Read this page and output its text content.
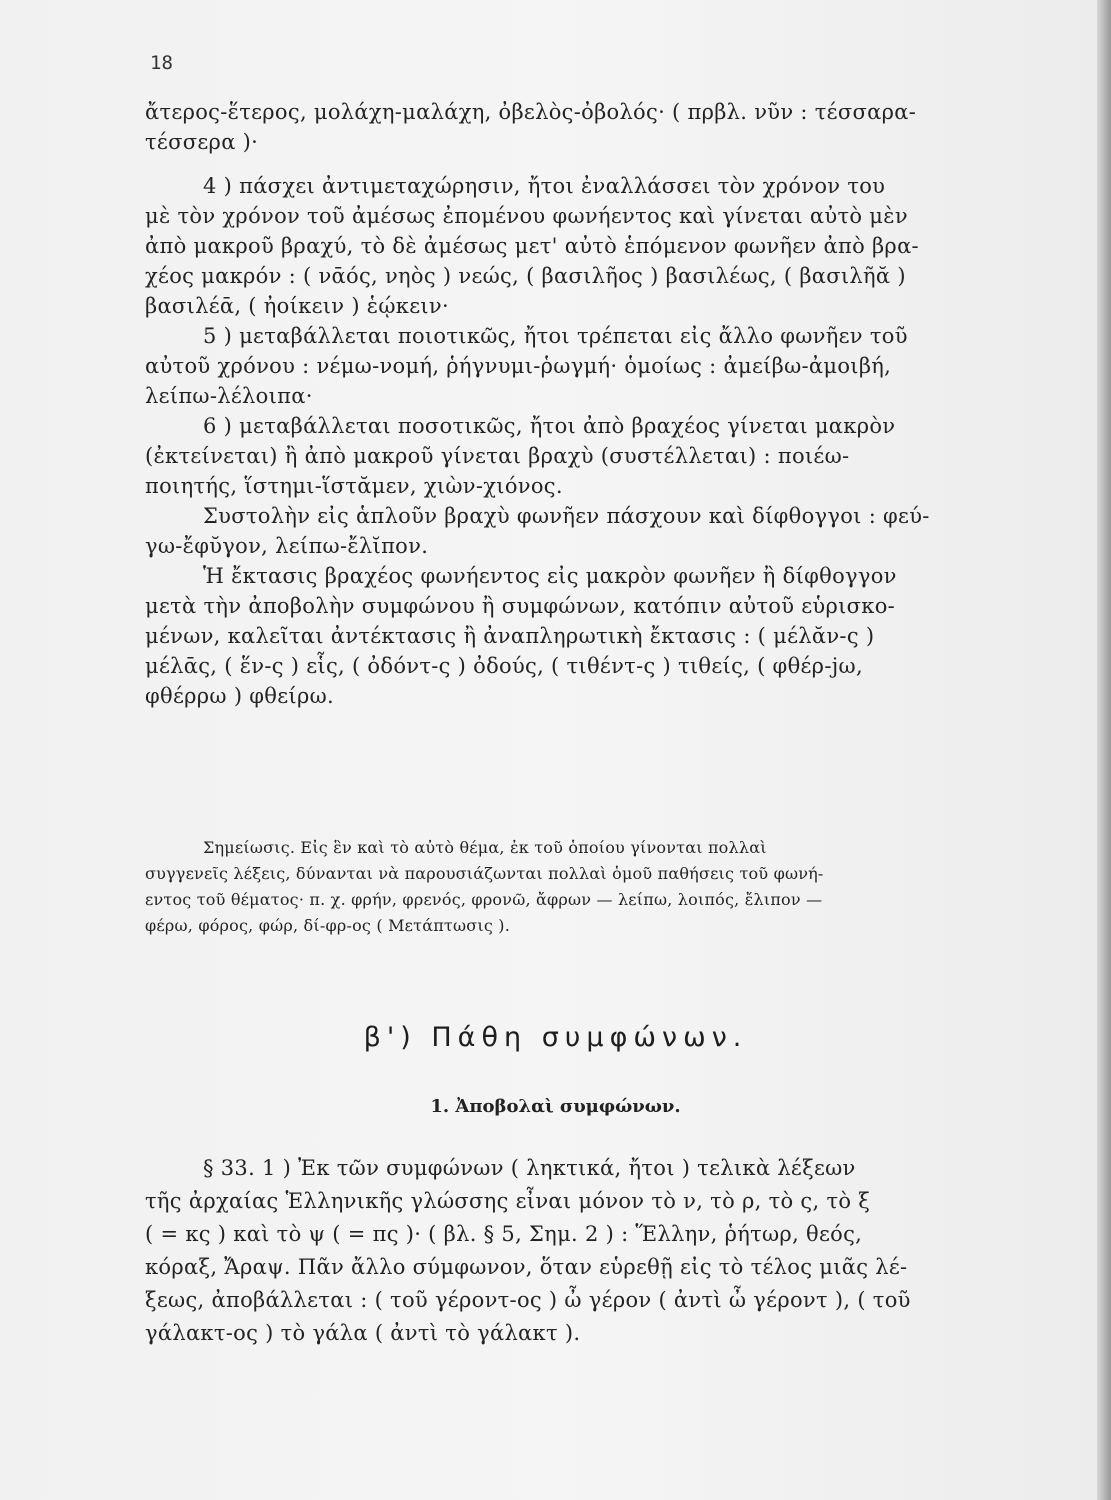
18
ἄτερος-ἕτερος, μολάχη-μαλάχη, ὀβελὸς-ὀβολός· ( πρβλ. νῦν : τέσσαρα-
τέσσερα )·
4 ) πάσχει ἀντιμεταχώρησιν, ἤτοι ἐναλλάσσει τὸν χρόνον του
μὲ τὸν χρόνον τοῦ ἀμέσως ἐπομένου φωνήεντος καὶ γίνεται αὐτὸ μὲν
ἀπὸ μακροῦ βραχύ, τὸ δὲ ἀμέσως μετ' αὐτὸ ἑπόμενον φωνῆεν ἀπὸ βρα-
χέος μακρόν : ( νᾱός, νηὸς ) νεώς, ( βασιλῆος ) βασιλέως, ( βασιλῆᾰ )
βασιλέᾱ, ( ἠοίκειν ) ἑῴκειν·
5 ) μεταβάλλεται ποιοτικῶς, ἤτοι τρέπεται εἰς ἄλλο φωνῆεν τοῦ
αὐτοῦ χρόνου : νέμω-νομή, ῥήγνυμι-ῥωγμή· ὁμοίως : ἀμείβω-ἀμοιβή,
λείπω-λέλοιπα·
6 ) μεταβάλλεται ποσοτικῶς, ἤτοι ἀπὸ βραχέος γίνεται μακρὸν
(ἐκτείνεται) ἢ ἀπὸ μακροῦ γίνεται βραχὺ (συστέλλεται) : ποιέω-
ποιητής, ἵστημι-ἵστᾰμεν, χιὼν-χιόνος.
Συστολὴν εἰς ἁπλοῦν βραχὺ φωνῆεν πάσχουν καὶ δίφθογγοι : φεύ-
γω-ἔφῠγον, λείπω-ἔλῐπον.
Ἡ ἔκτασις βραχέος φωνήεντος εἰς μακρὸν φωνῆεν ἢ δίφθογγον
μετὰ τὴν ἀποβολὴν συμφώνου ἢ συμφώνων, κατόπιν αὐτοῦ εὑρισκο-
μένων, καλεῖται ἀντέκτασις ἢ ἀναπληρωτικὴ ἔκτασις : ( μέλᾰν-ς )
μέλᾱς, ( ἕν-ς ) εἷς, ( ὀδόντ-ς ) ὀδούς, ( τιθέντ-ς ) τιθείς, ( φθέρ-jω,
φθέρρω ) φθείρω.
Σημείωσις. Εἰς ἓν καὶ τὸ αὐτὸ θέμα, ἐκ τοῦ ὁποίου γίνονται πολλαὶ
συγγενεῖς λέξεις, δύνανται νὰ παρουσιάζωνται πολλαὶ ὁμοῦ παθήσεις τοῦ φωνή-
εντος τοῦ θέματος· π. χ. φρήν, φρενός, φρονῶ, ἄφρων — λείπω, λοιπός, ἔλιπον —
φέρω, φόρος, φώρ, δί-φρ-ος ( Μετάπτωσις ).
β') Πάθη συμφώνων.
1. Ἀποβολαὶ συμφώνων.
§ 33. 1 ) Ἐκ τῶν συμφώνων ( ληκτικά, ἤτοι ) τελικὰ λέξεων
τῆς ἀρχαίας Ἑλληνικῆς γλώσσης εἶναι μόνον τὸ ν, τὸ ρ, τὸ ς, τὸ ξ
( = κς ) καὶ τὸ ψ ( = πς )· ( βλ. § 5, Σημ. 2 ) : Ἕλλην, ῥήτωρ, θεός,
κόραξ, Ἄραψ. Πᾶν ἄλλο σύμφωνον, ὅταν εὑρεθῇ εἰς τὸ τέλος μιᾶς λέ-
ξεως, ἀποβάλλεται : ( τοῦ γέροντ-ος ) ὦ γέρον ( ἀντὶ ὦ γέροντ ), ( τοῦ
γάλακτ-ος ) τὸ γάλα ( ἀντὶ τὸ γάλακτ ).
